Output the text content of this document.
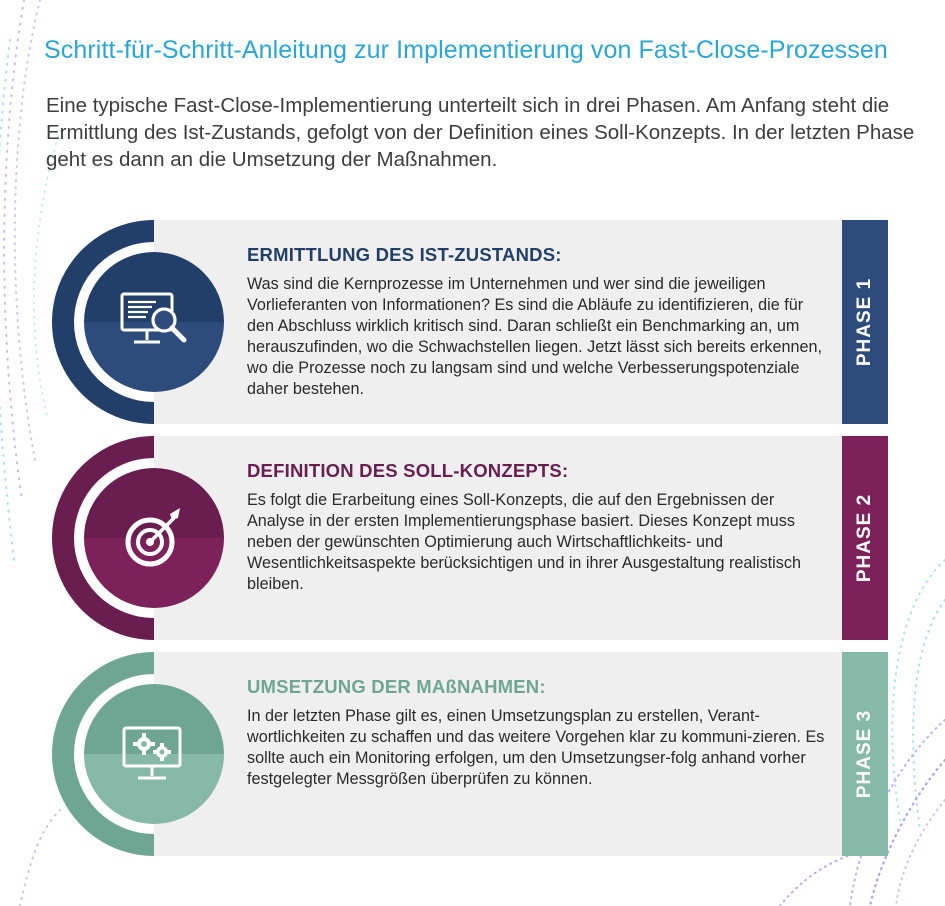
Schritt-für-Schritt-Anleitung zur Implementierung von Fast-Close-Prozessen
Eine typische Fast-Close-Implementierung unterteilt sich in drei Phasen. Am Anfang steht die Ermittlung des Ist-Zustands, gefolgt von der Definition eines Soll-Konzepts. In der letzten Phase geht es dann an die Umsetzung der Maßnahmen.
PHASE 1
ERMITTLUNG DES IST-ZUSTANDS:
Was sind die Kernprozesse im Unternehmen und wer sind die jeweiligen Vorlieferanten von Informationen? Es sind die Abläufe zu identifizieren, die für den Abschluss wirklich kritisch sind. Daran schließt ein Benchmarking an, um herauszufinden, wo die Schwachstellen liegen. Jetzt lässt sich bereits erkennen, wo die Prozesse noch zu langsam sind und welche Verbesserungspotenziale daher bestehen.
PHASE 2
DEFINITION DES SOLL-KONZEPTS:
Es folgt die Erarbeitung eines Soll-Konzepts, die auf den Ergebnissen der Analyse in der ersten Implementierungsphase basiert. Dieses Konzept muss neben der gewünschten Optimierung auch Wirtschaftlichkeits- und Wesentlichkeitsaspekte berücksichtigen und in ihrer Ausgestaltung realistisch bleiben.
PHASE 3
UMSETZUNG DER MAßNAHMEN:
In der letzten Phase gilt es, einen Umsetzungsplan zu erstellen, Verant-wortlichkeiten zu schaffen und das weitere Vorgehen klar zu kommuni-zieren. Es sollte auch ein Monitoring erfolgen, um den Umsetzungser-folg anhand vorher festgelegter Messgrößen überprüfen zu können.
